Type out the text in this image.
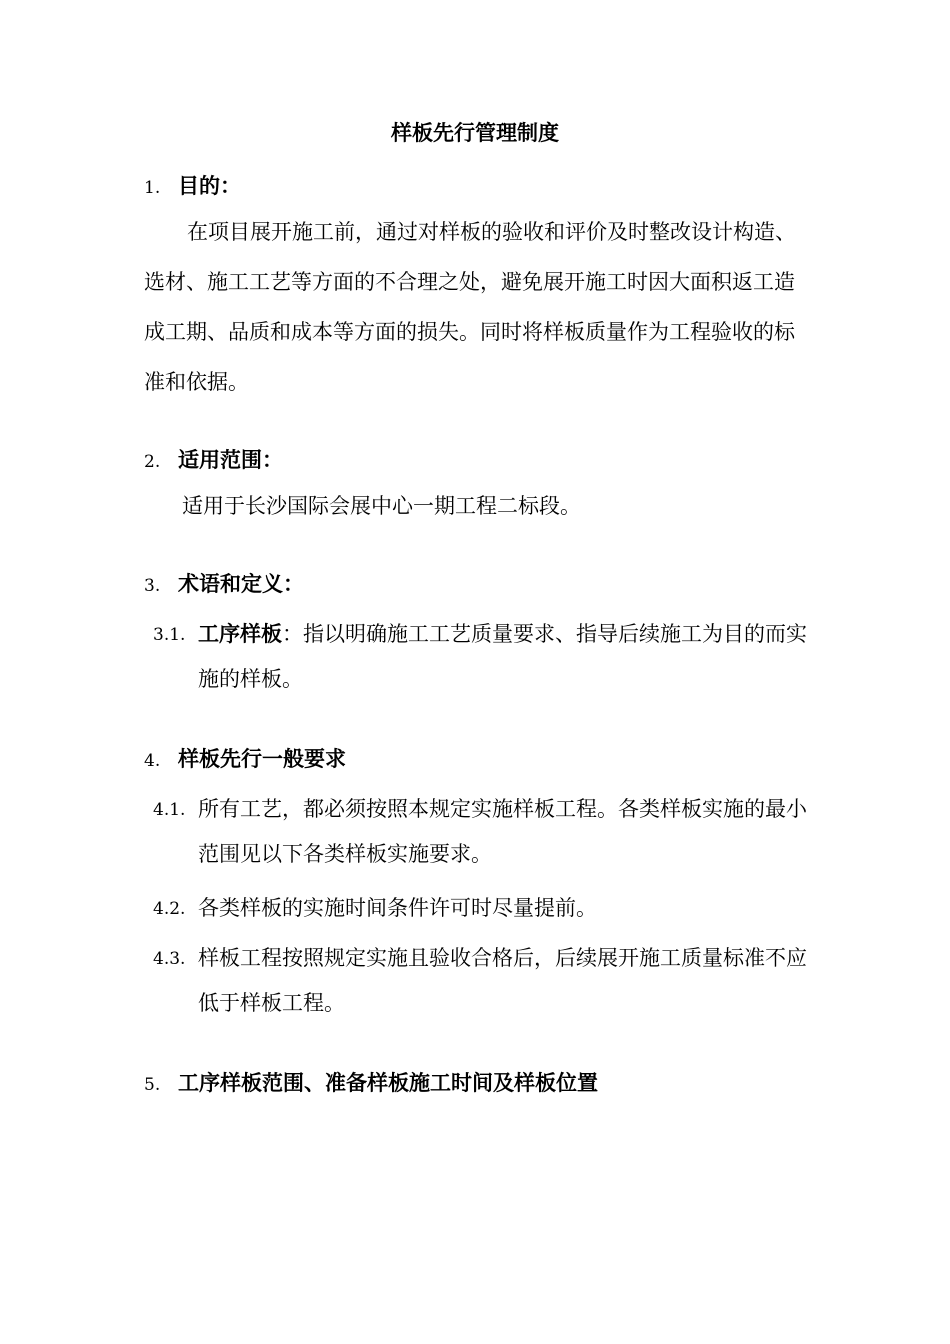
样板先行管理制度
1. 目的：
在项目展开施工前，通过对样板的验收和评价及时整改设计构造、选材、施工工艺等方面的不合理之处，避免展开施工时因大面积返工造成工期、品质和成本等方面的损失。同时将样板质量作为工程验收的标准和依据。
2. 适用范围：
适用于长沙国际会展中心一期工程二标段。
3. 术语和定义：
3.1. 工序样板：指以明确施工工艺质量要求、指导后续施工为目的而实施的样板。
4. 样板先行一般要求
4.1. 所有工艺，都必须按照本规定实施样板工程。各类样板实施的最小范围见以下各类样板实施要求。
4.2. 各类样板的实施时间条件许可时尽量提前。
4.3. 样板工程按照规定实施且验收合格后，后续展开施工质量标准不应低于样板工程。
5. 工序样板范围、准备样板施工时间及样板位置
